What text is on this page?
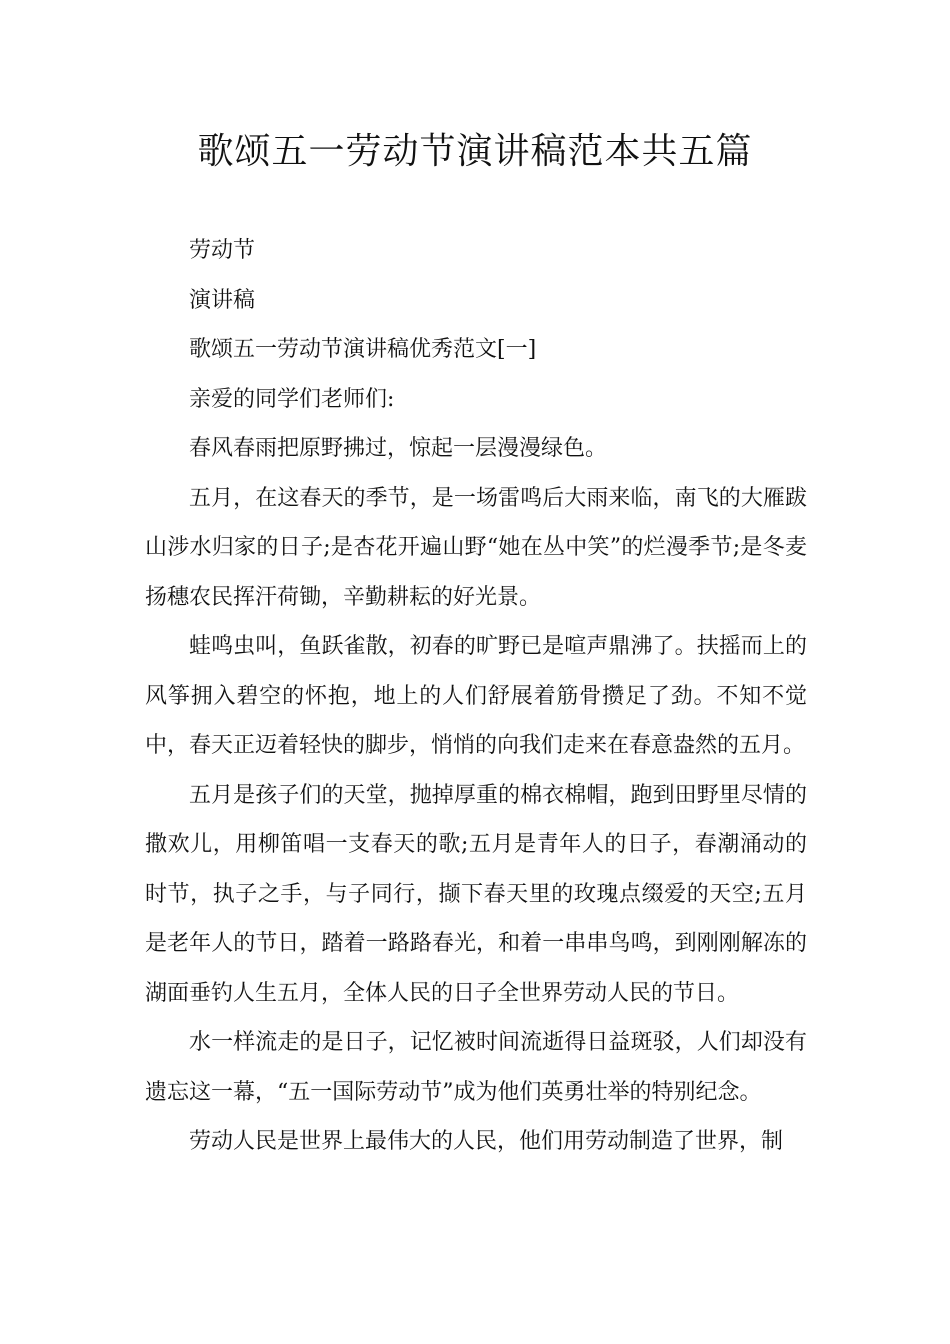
歌颂五一劳动节演讲稿范本共五篇

劳动节

演讲稿

歌颂五一劳动节演讲稿优秀范文[一]

亲爱的同学们老师们:

春风春雨把原野拂过，惊起一层漫漫绿色。

五月，在这春天的季节，是一场雷鸣后大雨来临，南飞的大雁跋山涉水归家的日子;是杏花开遍山野“她在丛中笑”的烂漫季节;是冬麦扬穗农民挥汗荷锄，辛勤耕耘的好光景。

蛙鸣虫叫，鱼跃雀散，初春的旷野已是喧声鼎沸了。扶摇而上的风筝拥入碧空的怀抱，地上的人们舒展着筋骨攒足了劲。不知不觉中，春天正迈着轻快的脚步，悄悄的向我们走来在春意盎然的五月。

五月是孩子们的天堂，抛掉厚重的棉衣棉帽，跑到田野里尽情的撒欢儿，用柳笛唱一支春天的歌;五月是青年人的日子，春潮涌动的时节，执子之手，与子同行，撷下春天里的玫瑰点缀爱的天空;五月是老年人的节日，踏着一路路春光，和着一串串鸟鸣，到刚刚解冻的湖面垂钓人生五月，全体人民的日子全世界劳动人民的节日。

水一样流走的是日子，记忆被时间流逝得日益斑驳，人们却没有遗忘这一幕，“五一国际劳动节”成为他们英勇壮举的特别纪念。

劳动人民是世界上最伟大的人民，他们用劳动制造了世界，制
